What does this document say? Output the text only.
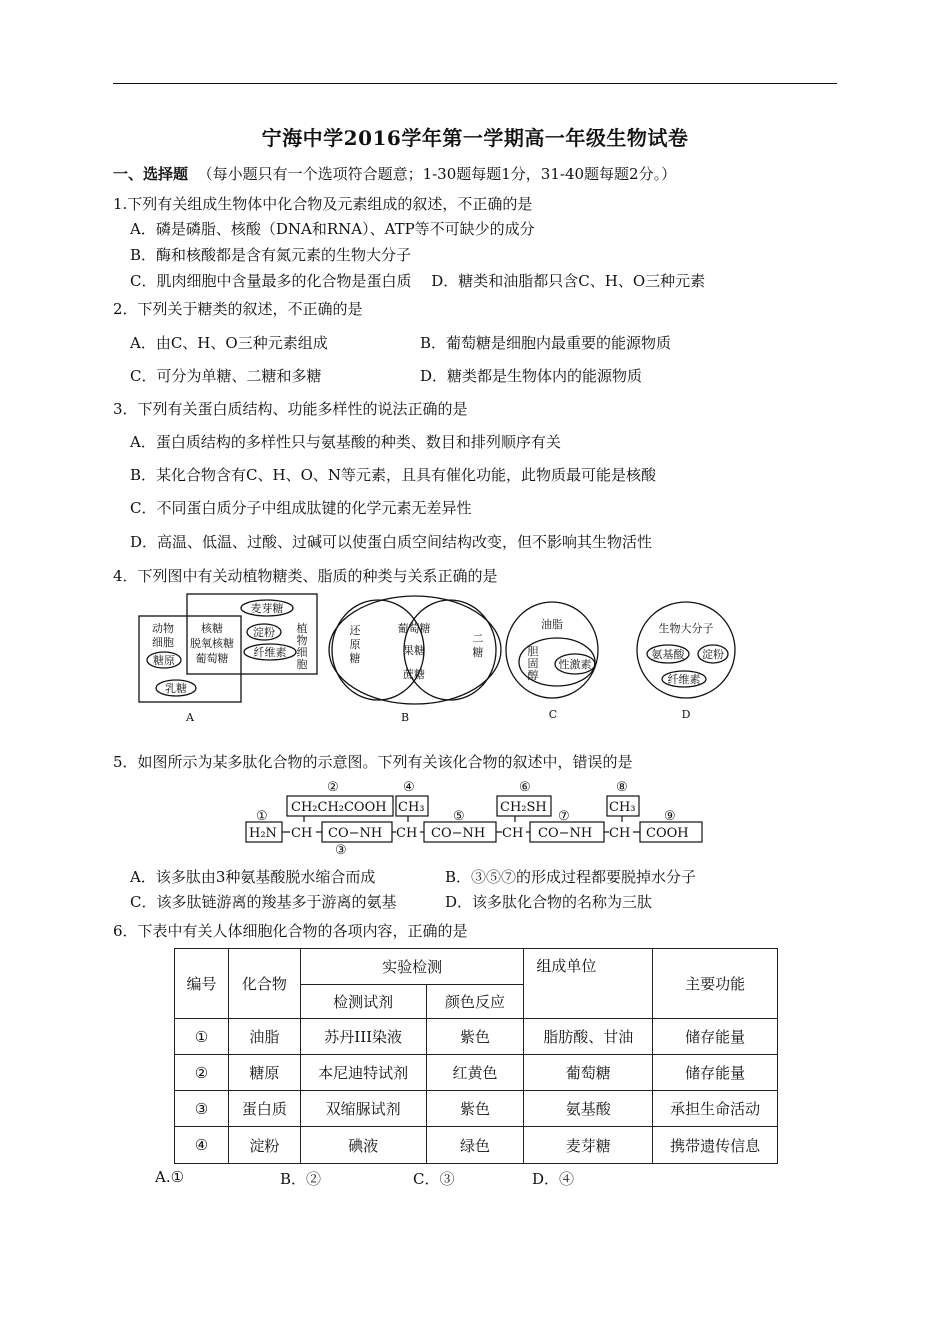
宁海中学2016学年第一学期高一年级生物试卷
一、选择题 （每小题只有一个选项符合题意；1-30题每题1分，31-40题每题2分。）
1.下列有关组成生物体中化合物及元素组成的叙述，不正确的是
A．磷是磷脂、核酸（DNA和RNA）、ATP等不可缺少的成分
B．酶和核酸都是含有氮元素的生物大分子
C．肌肉细胞中含量最多的化合物是蛋白质　 D．糖类和油脂都只含C、H、O三种元素
2．下列关于糖类的叙述，不正确的是
A．由C、H、O三种元素组成	B．葡萄糖是细胞内最重要的能源物质
C．可分为单糖、二糖和多糖	D．糖类都是生物体内的能源物质
3．下列有关蛋白质结构、功能多样性的说法正确的是
A．蛋白质结构的多样性只与氨基酸的种类、数目和排列顺序有关
B．某化合物含有C、H、O、N等元素，且具有催化功能，此物质最可能是核酸
C．不同蛋白质分子中组成肽键的化学元素无差异性
D．高温、低温、过酸、过碱可以使蛋白质空间结构改变，但不影响其生物活性
4．下列图中有关动植物糖类、脂质的种类与关系正确的是
动物
细胞
植
物
细
胞
核糖
脱氧核糖
葡萄糖
糖原
乳糖
麦芽糖
淀粉
纤维素
A
还
原
糖
二
糖
葡萄糖
果糖
蔗糖
B
油脂
胆
固
醇
性激素
C
生物大分子
氨基酸 淀粉
纤维素
D
5．如图所示为某多肽化合物的示意图。下列有关该化合物的叙述中，错误的是
①
②
③
④
⑤
⑥
⑦
⑧
⑨
CH₂CH₂COOH CH₃	CH₂SH	CH₃
H₂N CH CO−NH CH CO−NH CH CO−NH CH COOH
A．该多肽由3种氨基酸脱水缩合而成	B．③⑤⑦的形成过程都要脱掉水分子
C．该多肽链游离的羧基多于游离的氨基	D．该多肽化合物的名称为三肽
6．下表中有关人体细胞化合物的各项内容，正确的是
编号	化合物	实验检测		组成单位	主要功能
		检测试剂	颜色反应		
①	油脂	苏丹III染液	紫色	脂肪酸、甘油	储存能量
②	糖原	本尼迪特试剂	红黄色	葡萄糖	储存能量
③	蛋白质	双缩脲试剂	紫色	氨基酸	承担生命活动
④	淀粉	碘液	绿色	麦芽糖	携带遗传信息
A.①	B．②	C．③	D．④
